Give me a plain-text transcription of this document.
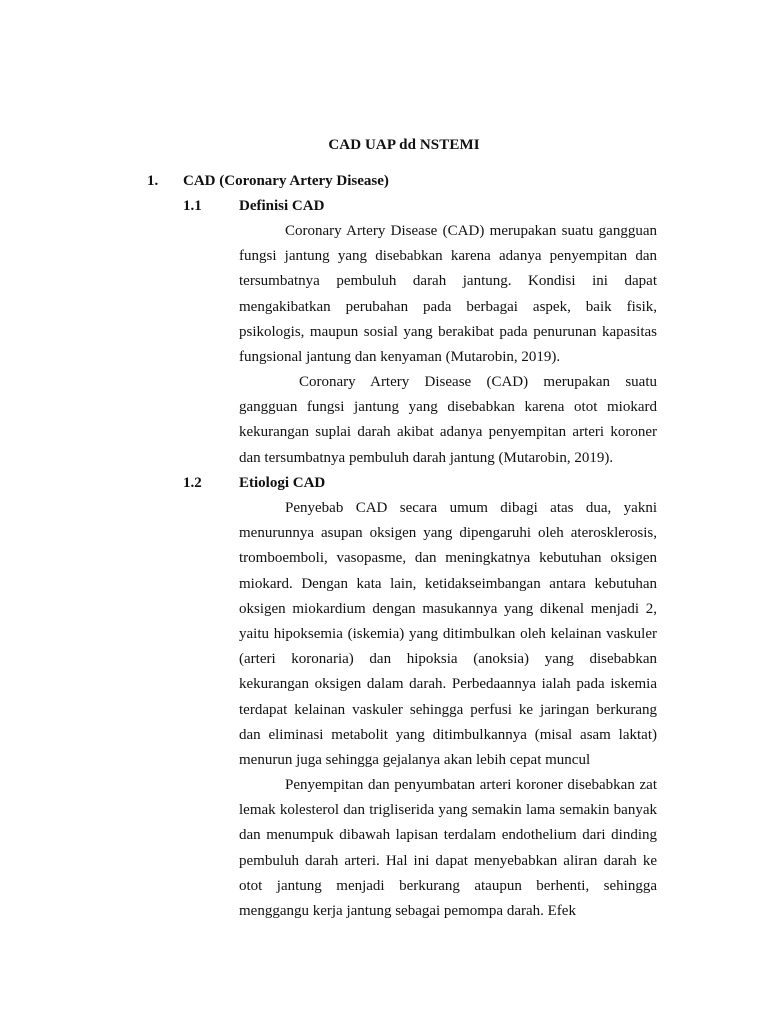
CAD UAP dd NSTEMI
1. CAD (Coronary Artery Disease)
1.1 Definisi CAD

Coronary Artery Disease (CAD) merupakan suatu gangguan fungsi jantung yang disebabkan karena adanya penyempitan dan tersumbatnya pembuluh darah jantung. Kondisi ini dapat mengakibatkan perubahan pada berbagai aspek, baik fisik, psikologis, maupun sosial yang berakibat pada penurunan kapasitas fungsional jantung dan kenyaman (Mutarobin, 2019).

Coronary Artery Disease (CAD) merupakan suatu gangguan fungsi jantung yang disebabkan karena otot miokard kekurangan suplai darah akibat adanya penyempitan arteri koroner dan tersumbatnya pembuluh darah jantung (Mutarobin, 2019).

1.2 Etiologi CAD

Penyebab CAD secara umum dibagi atas dua, yakni menurunnya asupan oksigen yang dipengaruhi oleh aterosklerosis, tromboemboli, vasopasme, dan meningkatnya kebutuhan oksigen miokard. Dengan kata lain, ketidakseimbangan antara kebutuhan oksigen miokardium dengan masukannya yang dikenal menjadi 2, yaitu hipoksemia (iskemia) yang ditimbulkan oleh kelainan vaskuler (arteri koronaria) dan hipoksia (anoksia) yang disebabkan kekurangan oksigen dalam darah. Perbedaannya ialah pada iskemia terdapat kelainan vaskuler sehingga perfusi ke jaringan berkurang dan eliminasi metabolit yang ditimbulkannya (misal asam laktat) menurun juga sehingga gejalanya akan lebih cepat muncul

Penyempitan dan penyumbatan arteri koroner disebabkan zat lemak kolesterol dan trigliserida yang semakin lama semakin banyak dan menumpuk dibawah lapisan terdalam endothelium dari dinding pembuluh darah arteri. Hal ini dapat menyebabkan aliran darah ke otot jantung menjadi berkurang ataupun berhenti, sehingga menggangu kerja jantung sebagai pemompa darah. Efek
